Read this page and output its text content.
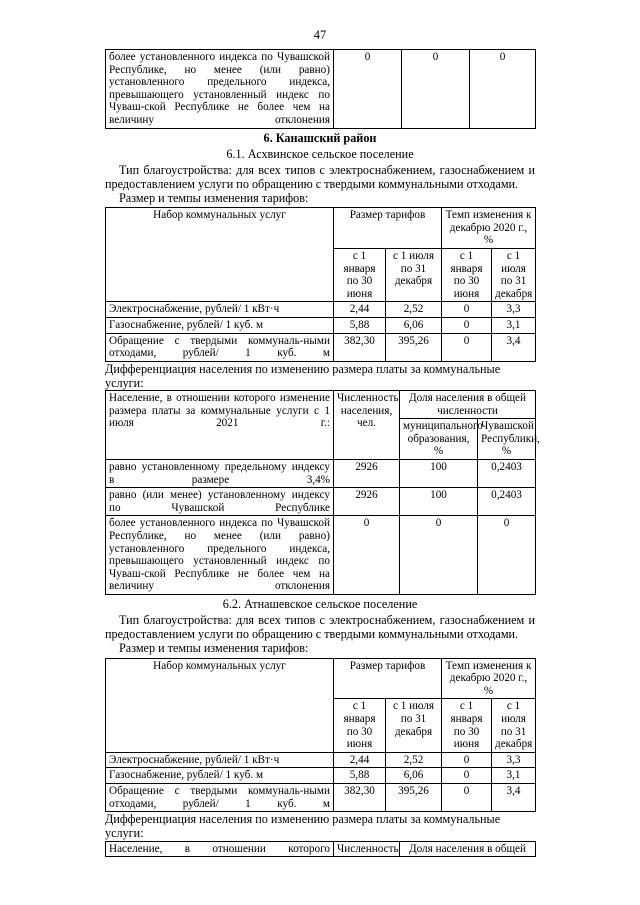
47
более установленного индекса по Чувашской Республике, но менее (или равно) установленного предельного индекса, превышающего установленный индекс по Чуваш-ской Республике не более чем на величину отклонения	0	0	0
6. Канашский район
6.1. Асхвинское сельское поселение
Тип благоустройства: для всех типов с электроснабжением, газоснабжением и предоставлением услуги по обращению с твердыми коммунальными отходами.
Размер и темпы изменения тарифов:
Набор коммунальных услуг	Размер тарифов		Темп изменения к декабрю 2020 г., %	
	с 1 января по 30 июня	с 1 июля по 31 декабря	с 1 января по 30 июня	с 1 июля по 31 декабря
Электроснабжение, рублей/ 1 кВт·ч	2,44	2,52	0	3,3
Газоснабжение, рублей/ 1 куб. м	5,88	6,06	0	3,1
Обращение с твердыми коммуналь-ными отходами, рублей/ 1 куб. м	382,30	395,26	0	3,4
Дифференциация населения по изменению размера платы за коммунальные услуги:
Население, в отношении которого изменение размера платы за коммунальные услуги с 1 июля 2021 г.:	Численность населения, чел.	Доля населения в общей численности	
		муниципального образования, %	Чувашской Республики, %
равно установленному предельному индексу в размере 3,4%	2926	100	0,2403
равно (или менее) установленному индексу по Чувашской Республике	2926	100	0,2403
более установленного индекса по Чувашской Республике, но менее (или равно) установленного предельного индекса, превышающего установленный индекс по Чуваш-ской Республике не более чем на величину отклонения	0	0	0
6.2. Атнашевское сельское поселение
Тип благоустройства: для всех типов с электроснабжением, газоснабжением и предоставлением услуги по обращению с твердыми коммунальными отходами.
Размер и темпы изменения тарифов:
Набор коммунальных услуг	Размер тарифов		Темп изменения к декабрю 2020 г., %	
	с 1 января по 30 июня	с 1 июля по 31 декабря	с 1 января по 30 июня	с 1 июля по 31 декабря
Электроснабжение, рублей/ 1 кВт·ч	2,44	2,52	0	3,3
Газоснабжение, рублей/ 1 куб. м	5,88	6,06	0	3,1
Обращение с твердыми коммуналь-ными отходами, рублей/ 1 куб. м	382,30	395,26	0	3,4
Дифференциация населения по изменению размера платы за коммунальные услуги:
Население, в отношении которого	Численность	Доля населения в общей
